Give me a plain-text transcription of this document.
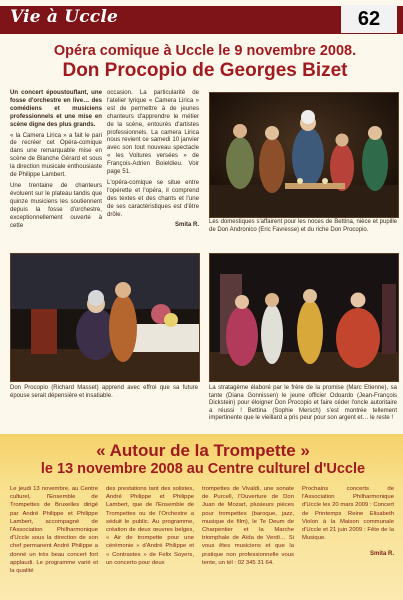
Vie à Uccle	62
Opéra comique à Uccle le 9 novembre 2008.
Don Procopio de Georges Bizet

Un concert époustouflant, une fosse d'orchestre en live… des comédiens et musiciens professionnels et une mise en scène digne des plus grands.

« la Camera Lirica » a fait le pari de recréer cet Opéra-comique dans une remarquable mise en scène de Blanche Gérard et sous la direction musicale enthousiaste de Philippe Lambert.

Une trentaine de chanteurs évoluent sur le plateau tandis que quinze musiciens les soutiennent depuis la fosse d'orchestre, exceptionnellement ouverte à cette

occasion. La particularité de l'atelier lyrique « Camera Lirica » est de permettre à de jeunes chanteurs d'apprendre le métier de la scène, entourés d'artistes professionnels. La camera Lirica nous revient ce samedi 10 janvier avec son tout nouveau spectacle « les Voitures versées » de François-Adrien Boieldieu. Voir page 51.

L'opéra-comique se situe entre l'opérette et l'opéra, il comprend des textes et des chants et l'une de ses caractéristiques est d'être drôle.

Smita R. Les domestiques s'affairent pour les noces de Bettina, nièce et pupille de Don Andronico (Eric Favresse) et du riche Don Procopio.
Don Procopio (Richard Masset) apprend avec effroi que sa future épouse serait dépensière et insatiable.
La stratagème élaboré par le frère de la promise (Marc Etienne), sa tante (Diana Gonnissen) le jeune officier Odoardo (Jean-François Dickstein) pour éloigner Don Procopio et faire céder l'oncle autoritaire a réussi ! Bettina (Sophie Mersch) s'est montrée tellement impertinente que le vieillard a pris peur pour son argent et… le reste !
« Autour de la Trompette »
le 13 novembre 2008 au Centre culturel d'Uccle

Le jeudi 13 novembre, au Centre culturel, l'Ensemble de Trompettes de Bruxelles dirigé par André Philippe et Philippe Lambert, accompagné de l'Association Philharmonique d'Uccle sous la direction de son chef permanent André Philippe a donné un très beau concert fort applaudi. Le programme varié et la qualité

des prestations tant des solistes, André Philippe et Philippe Lambert, que de l'Ensemble de Trompettes ou de l'Orchestre a séduit le public. Au programme, création de deux œuvres belges, « Air de trompette pour une cérémonie » d'André Philippe et « Contrastes » de Felix Soyers, un concerto pour deux

trompettes de Vivaldi, une sonate de Purcell, l'Ouverture de Don Juan de Mozart, plusieurs pièces pour trompettes (baroque, jazz, musique de film), le Te Deum de Charpentier et la Marche triomphale de Aïda de Verdi… Si vous êtes musiciens et que la pratique non professionnelle vous tente, un tél : 02 345 31 64.

Prochains concerts de l'Association Philharmonique d'Uccle les 20 mars 2009 : Concert de Printemps Reine Elisabeth Violon à la Maison communale d'Uccle et 21 juin 2009 : Fête de la Musique.

Smita R.
